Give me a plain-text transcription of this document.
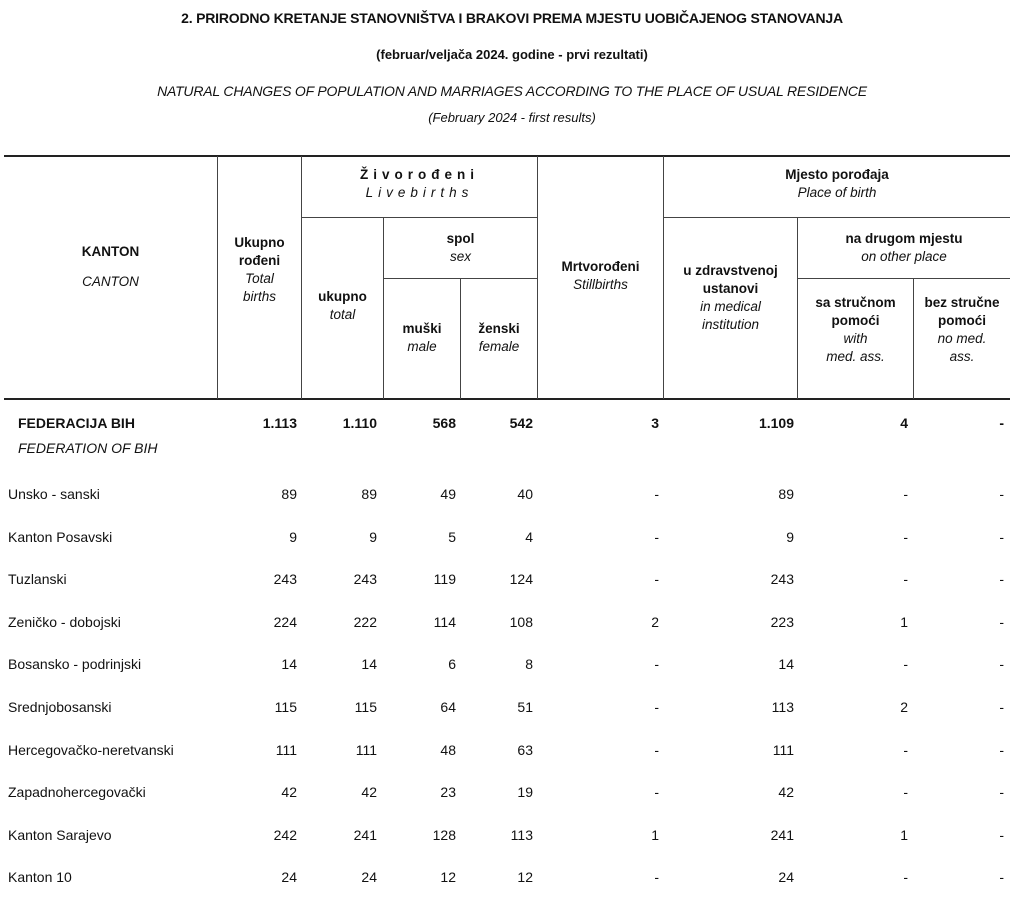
2. PRIRODNO KRETANJE STANOVNIŠTVA I BRAKOVI PREMA MJESTU UOBIČAJENOG STANOVANJA
(februar/veljača 2024. godine - prvi rezultati)
NATURAL CHANGES OF POPULATION AND MARRIAGES ACCORDING TO THE PLACE OF USUAL RESIDENCE
(February 2024 - first results)
KANTON
CANTON
Ukupno
rođeni
Total
births
Živorođeni
Livebirths
ukupno
total
spol
sex
muški
male
ženski
female
Mrtvorođeni
Stillbirths
Mjesto porođaja
Place of birth
u zdravstvenoj
ustanovi
in medical
institution
na drugom mjestu
on other place
sa stručnom
pomoći
with
med. ass.
bez stručne
pomoći
no med.
ass.
FEDERACIJA BIH	1.113	1.110	568	542	3	1.109	4	-
FEDERATION OF BIH
Unsko - sanski	89	89	49	40	-	89	-	-
Kanton Posavski	9	9	5	4	-	9	-	-
Tuzlanski	243	243	119	124	-	243	-	-
Zeničko - dobojski	224	222	114	108	2	223	1	-
Bosansko - podrinjski	14	14	6	8	-	14	-	-
Srednjobosanski	115	115	64	51	-	113	2	-
Hercegovačko-neretvanski	111	111	48	63	-	111	-	-
Zapadnohercegovački	42	42	23	19	-	42	-	-
Kanton Sarajevo	242	241	128	113	1	241	1	-
Kanton 10	24	24	12	12	-	24	-	-
